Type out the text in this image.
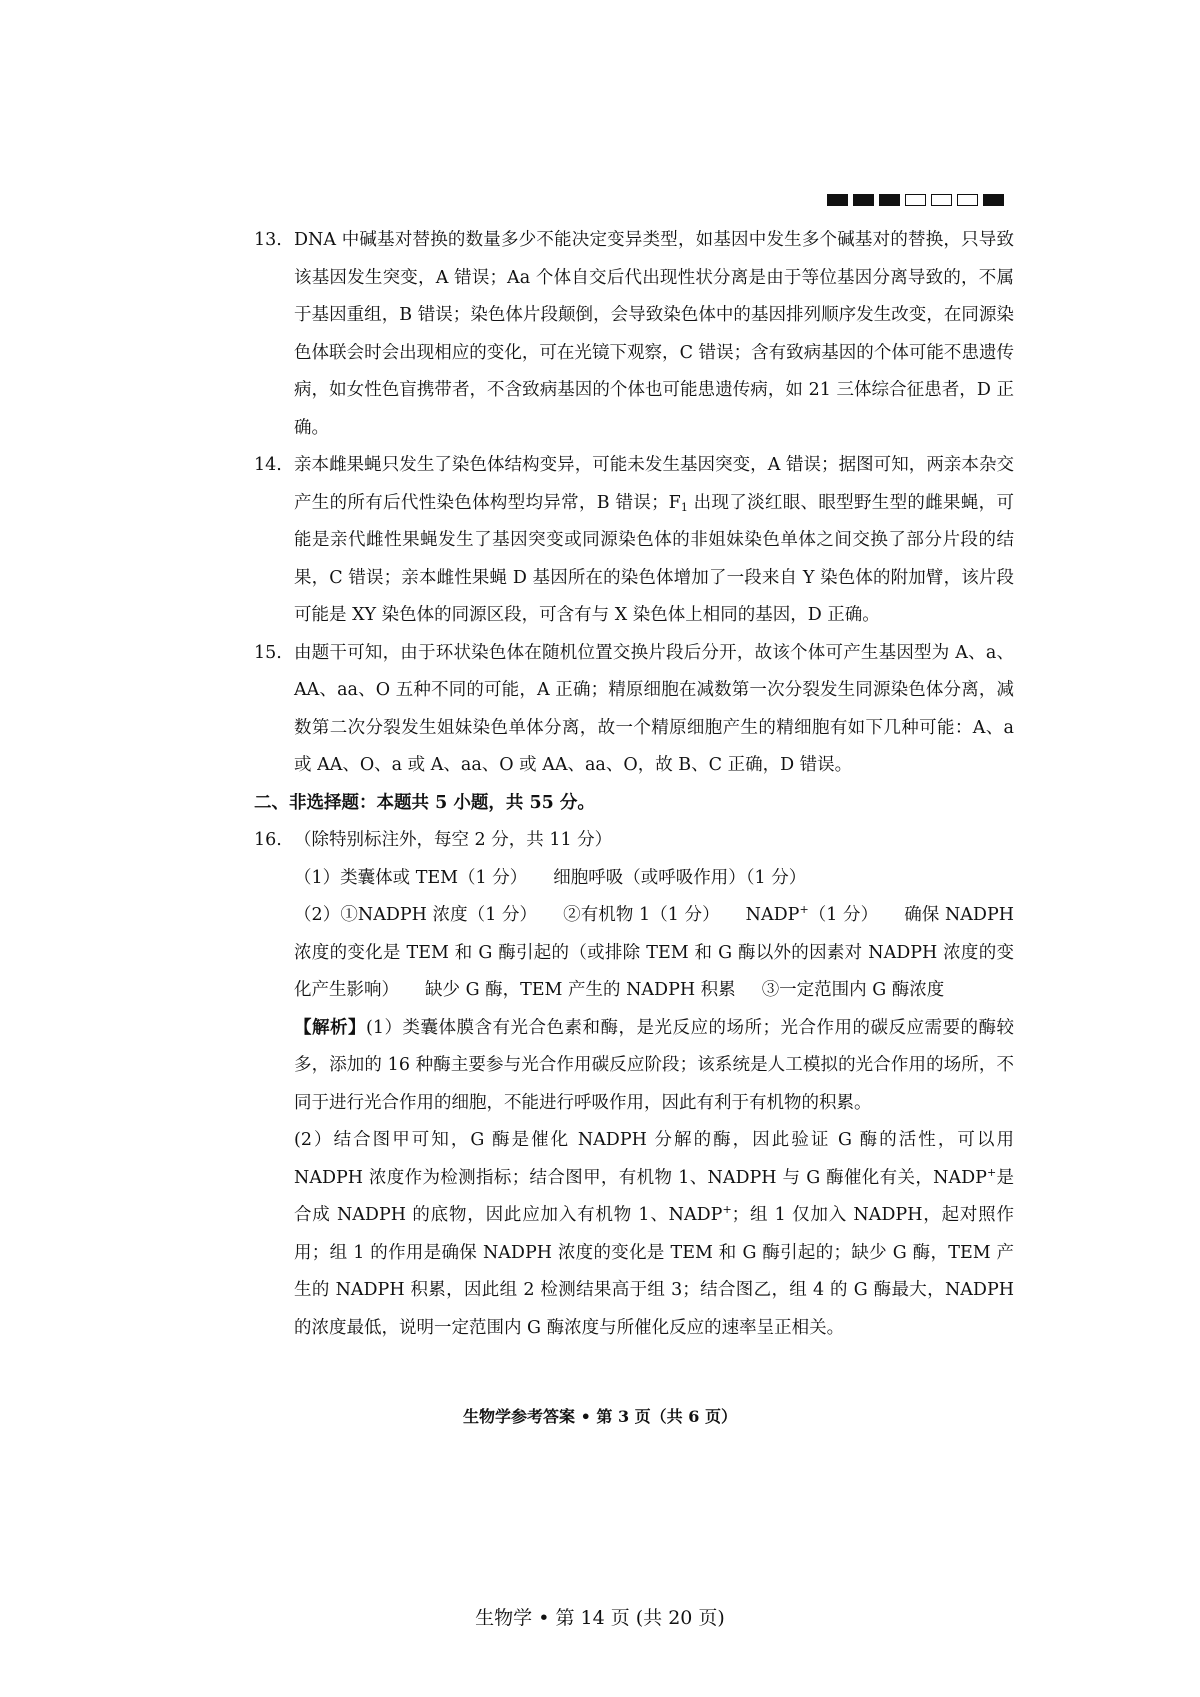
13. DNA 中碱基对替换的数量多少不能决定变异类型，如基因中发生多个碱基对的替换，只导致该基因发生突变，A 错误；Aa 个体自交后代出现性状分离是由于等位基因分离导致的，不属于基因重组，B 错误；染色体片段颠倒，会导致染色体中的基因排列顺序发生改变，在同源染色体联会时会出现相应的变化，可在光镜下观察，C 错误；含有致病基因的个体可能不患遗传病，如女性色盲携带者，不含致病基因的个体也可能患遗传病，如 21 三体综合征患者，D 正确。
14. 亲本雌果蝇只发生了染色体结构变异，可能未发生基因突变，A 错误；据图可知，两亲本杂交产生的所有后代性染色体构型均异常，B 错误；$F_1$ 出现了淡红眼、眼型野生型的雌果蝇，可能是亲代雌性果蝇发生了基因突变或同源染色体的非姐妹染色单体之间交换了部分片段的结果，C 错误；亲本雌性果蝇 D 基因所在的染色体增加了一段来自 Y 染色体的附加臂，该片段可能是 XY 染色体的同源区段，可含有与 X 染色体上相同的基因，D 正确。
15. 由题干可知，由于环状染色体在随机位置交换片段后分开，故该个体可产生基因型为 A、a、AA、aa、O 五种不同的可能，A 正确；精原细胞在减数第一次分裂发生同源染色体分离，减数第二次分裂发生姐妹染色单体分离，故一个精原细胞产生的精细胞有如下几种可能：A、a 或 AA、O、a 或 A、aa、O 或 AA、aa、O，故 B、C 正确，D 错误。
二、非选择题：本题共 5 小题，共 55 分。
16. （除特别标注外，每空 2 分，共 11 分）
（1）类囊体或 TEM（1 分） 细胞呼吸（或呼吸作用）（1 分）
（2）①NADPH 浓度（1 分） ②有机物 1（1 分） NADP+（1 分） 确保 NADPH 浓度的变化是 TEM 和 G 酶引起的（或排除 TEM 和 G 酶以外的因素对 NADPH 浓度的变化产生影响） 缺少 G 酶，TEM 产生的 NADPH 积累 ③一定范围内 G 酶浓度
【解析】(1）类囊体膜含有光合色素和酶，是光反应的场所；光合作用的碳反应需要的酶较多，添加的 16 种酶主要参与光合作用碳反应阶段；该系统是人工模拟的光合作用的场所，不同于进行光合作用的细胞，不能进行呼吸作用，因此有利于有机物的积累。
(2）结合图甲可知，G 酶是催化 NADPH 分解的酶，因此验证 G 酶的活性，可以用 NADPH 浓度作为检测指标；结合图甲，有机物 1、NADPH 与 G 酶催化有关，NADP+是合成 NADPH 的底物，因此应加入有机物 1、NADP+；组 1 仅加入 NADPH，起对照作用；组 1 的作用是确保 NADPH 浓度的变化是 TEM 和 G 酶引起的；缺少 G 酶，TEM 产生的 NADPH 积累，因此组 2 检测结果高于组 3；结合图乙，组 4 的 G 酶最大，NADPH 的浓度最低，说明一定范围内 G 酶浓度与所催化反应的速率呈正相关。
生物学参考答案 • 第 3 页（共 6 页）
生物学 • 第 14 页 (共 20 页)
